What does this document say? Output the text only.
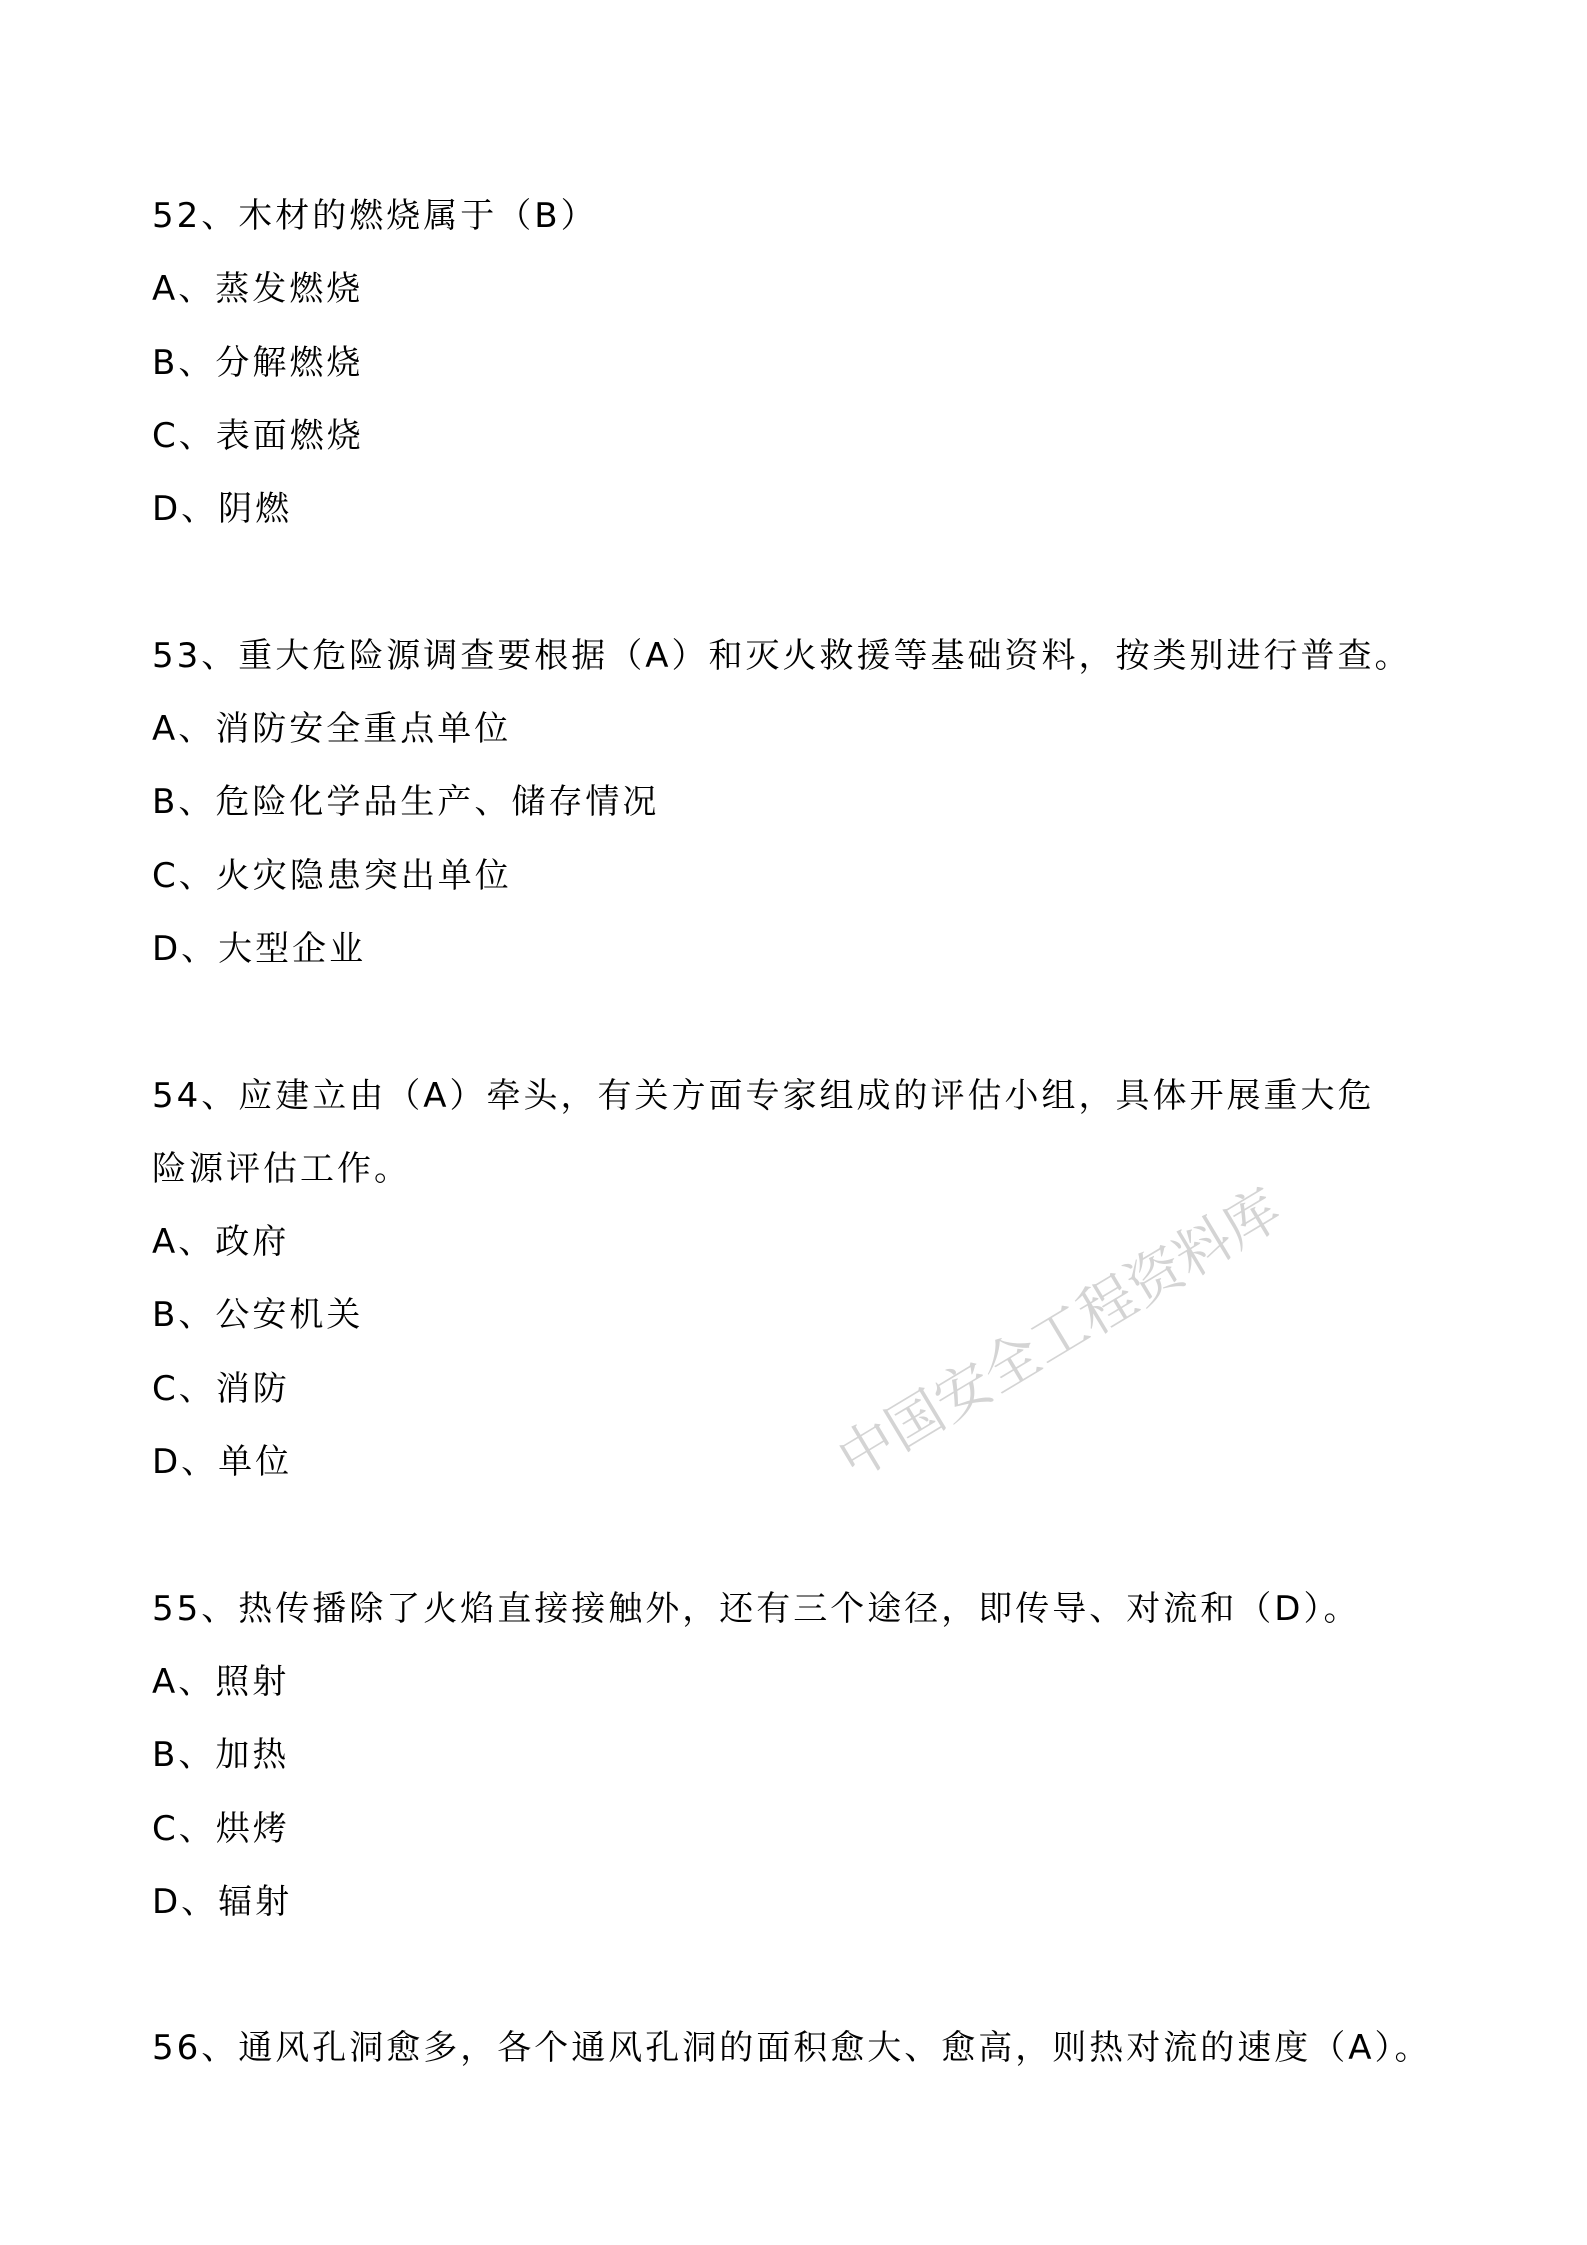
中国安全工程资料库
52、木材的燃烧属于（B）
A、蒸发燃烧
B、分解燃烧
C、表面燃烧
D、阴燃
53、重大危险源调查要根据（A）和灭火救援等基础资料，按类别进行普查。
A、消防安全重点单位
B、危险化学品生产、储存情况
C、火灾隐患突出单位
D、大型企业
54、应建立由（A）牵头，有关方面专家组成的评估小组，具体开展重大危
险源评估工作。
A、政府
B、公安机关
C、消防
D、单位
55、热传播除了火焰直接接触外，还有三个途径，即传导、对流和（D）。
A、照射
B、加热
C、烘烤
D、辐射
56、通风孔洞愈多，各个通风孔洞的面积愈大、愈高，则热对流的速度（A）。
